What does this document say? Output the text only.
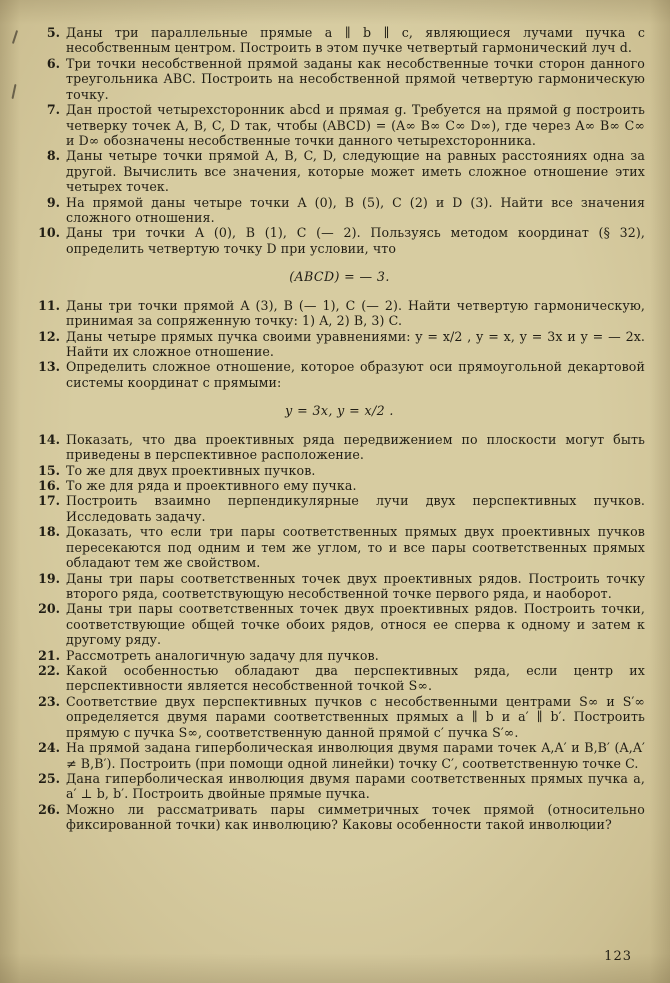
5. Даны три параллельные прямые a ∥ b ∥ c, являющиеся лучами пучка с несобственным центром. Построить в этом пучке четвертый гармонический луч d.
6. Три точки несобственной прямой заданы как несобственные точки сторон данного треугольника ABC. Построить на несобственной прямой четвертую гармоническую точку.
7. Дан простой четырехсторонник abcd и прямая g. Требуется на прямой g построить четверку точек A, B, C, D так, чтобы (ABCD) = (A∞ B∞ C∞ D∞), где через A∞ B∞ C∞ и D∞ обозначены несобственные точки данного четырехсторонника.
8. Даны четыре точки прямой A, B, C, D, следующие на равных расстояниях одна за другой. Вычислить все значения, которые может иметь сложное отношение этих четырех точек.
9. На прямой даны четыре точки A (0), B (5), C (2) и D (3). Найти все значения сложного отношения.
10. Даны три точки A (0), B (1), C (— 2). Пользуясь методом координат (§ 32), определить четвертую точку D при условии, что
(ABCD) = — 3.
11. Даны три точки прямой A (3), B (— 1), C (— 2). Найти четвертую гармоническую, принимая за сопряженную точку: 1) A, 2) B, 3) C.
12. Даны четыре прямых пучка своими уравнениями: y = x/2 , y = x, y = 3x и y = — 2x. Найти их сложное отношение.
13. Определить сложное отношение, которое образуют оси прямоугольной декартовой системы координат с прямыми:
y = 3x, y = x/2 .
14. Показать, что два проективных ряда передвижением по плоскости могут быть приведены в перспективное расположение.
15. То же для двух проективных пучков.
16. То же для ряда и проективного ему пучка.
17. Построить взаимно перпендикулярные лучи двух перспективных пучков. Исследовать задачу.
18. Доказать, что если три пары соответственных прямых двух проективных пучков пересекаются под одним и тем же углом, то и все пары соответственных прямых обладают тем же свойством.
19. Даны три пары соответственных точек двух проективных рядов. Построить точку второго ряда, соответствующую несобственной точке первого ряда, и наоборот.
20. Даны три пары соответственных точек двух проективных рядов. Построить точки, соответствующие общей точке обоих рядов, относя ее сперва к одному и затем к другому ряду.
21. Рассмотреть аналогичную задачу для пучков.
22. Какой особенностью обладают два перспективных ряда, если центр их перспективности является несобственной точкой S∞.
23. Соответствие двух перспективных пучков с несобственными центрами S∞ и S′∞ определяется двумя парами соответственных прямых a ∥ b и a′ ∥ b′. Построить прямую c пучка S∞, соответственную данной прямой c′ пучка S′∞.
24. На прямой задана гиперболическая инволюция двумя парами точек A,A′ и B,B′ (A,A′ ≠ B,B′). Построить (при помощи одной линейки) точку C′, соответственную точке C.
25. Дана гиперболическая инволюция двумя парами соответственных прямых пучка a, a′ ⊥ b, b′. Построить двойные прямые пучка.
26. Можно ли рассматривать пары симметричных точек прямой (относительно фиксированной точки) как инволюцию? Каковы особенности такой инволюции?
123
